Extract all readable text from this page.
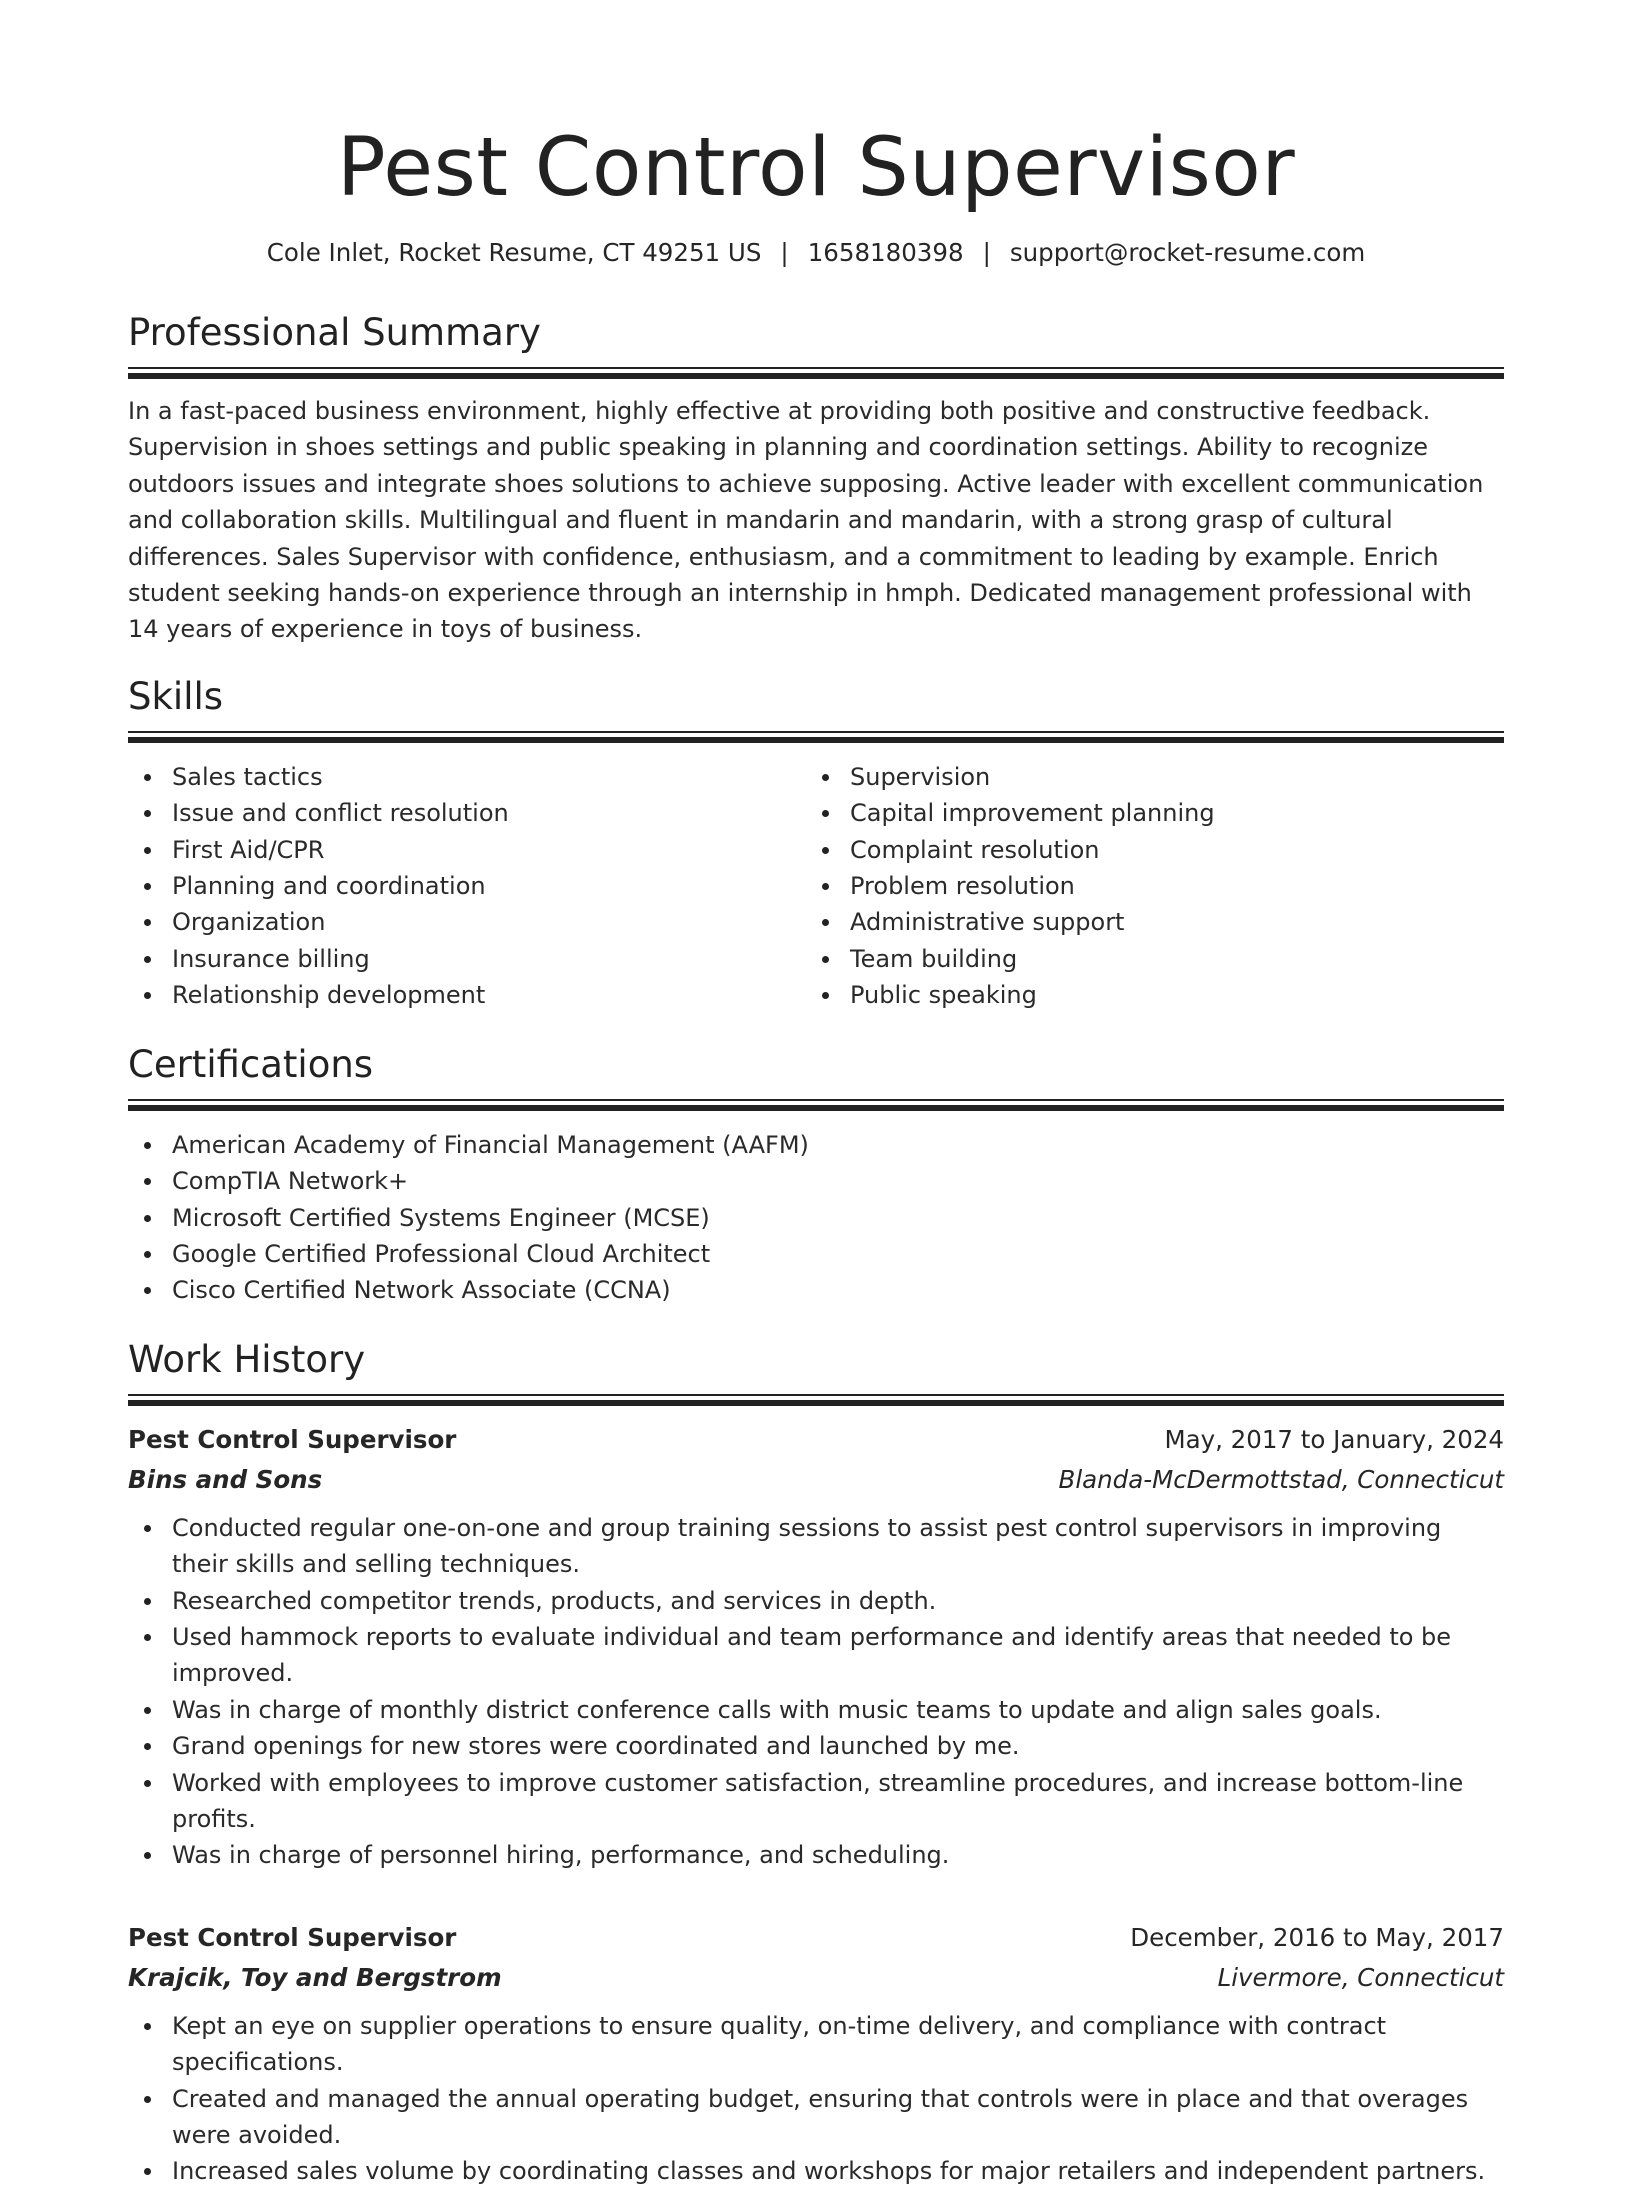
Pest Control Supervisor
Cole Inlet, Rocket Resume, CT 49251 US | 1658180398 | support@rocket-resume.com
Professional Summary

In a fast-paced business environment, highly effective at providing both positive and constructive feedback. Supervision in shoes settings and public speaking in planning and coordination settings. Ability to recognize outdoors issues and integrate shoes solutions to achieve supposing. Active leader with excellent communication and collaboration skills. Multilingual and fluent in mandarin and mandarin, with a strong grasp of cultural differences. Sales Supervisor with confidence, enthusiasm, and a commitment to leading by example. Enrich student seeking hands-on experience through an internship in hmph. Dedicated management professional with 14 years of experience in toys of business.

Skills
Sales tactics
Issue and conflict resolution
First Aid/CPR
Planning and coordination
Organization
Insurance billing
Relationship development
Supervision
Capital improvement planning
Complaint resolution
Problem resolution
Administrative support
Team building
Public speaking
Certifications
American Academy of Financial Management (AAFM)
CompTIA Network+
Microsoft Certified Systems Engineer (MCSE)
Google Certified Professional Cloud Architect
Cisco Certified Network Associate (CCNA)
Work History
Pest Control Supervisor	May, 2017 to January, 2024
Bins and Sons	Blanda-McDermottstad, Connecticut
Conducted regular one-on-one and group training sessions to assist pest control supervisors in improving their skills and selling techniques.
Researched competitor trends, products, and services in depth.
Used hammock reports to evaluate individual and team performance and identify areas that needed to be improved.
Was in charge of monthly district conference calls with music teams to update and align sales goals.
Grand openings for new stores were coordinated and launched by me.
Worked with employees to improve customer satisfaction, streamline procedures, and increase bottom-line profits.
Was in charge of personnel hiring, performance, and scheduling.
Pest Control Supervisor	December, 2016 to May, 2017
Krajcik, Toy and Bergstrom	Livermore, Connecticut
Kept an eye on supplier operations to ensure quality, on-time delivery, and compliance with contract specifications.
Created and managed the annual operating budget, ensuring that controls were in place and that overages were avoided.
Increased sales volume by coordinating classes and workshops for major retailers and independent partners.
